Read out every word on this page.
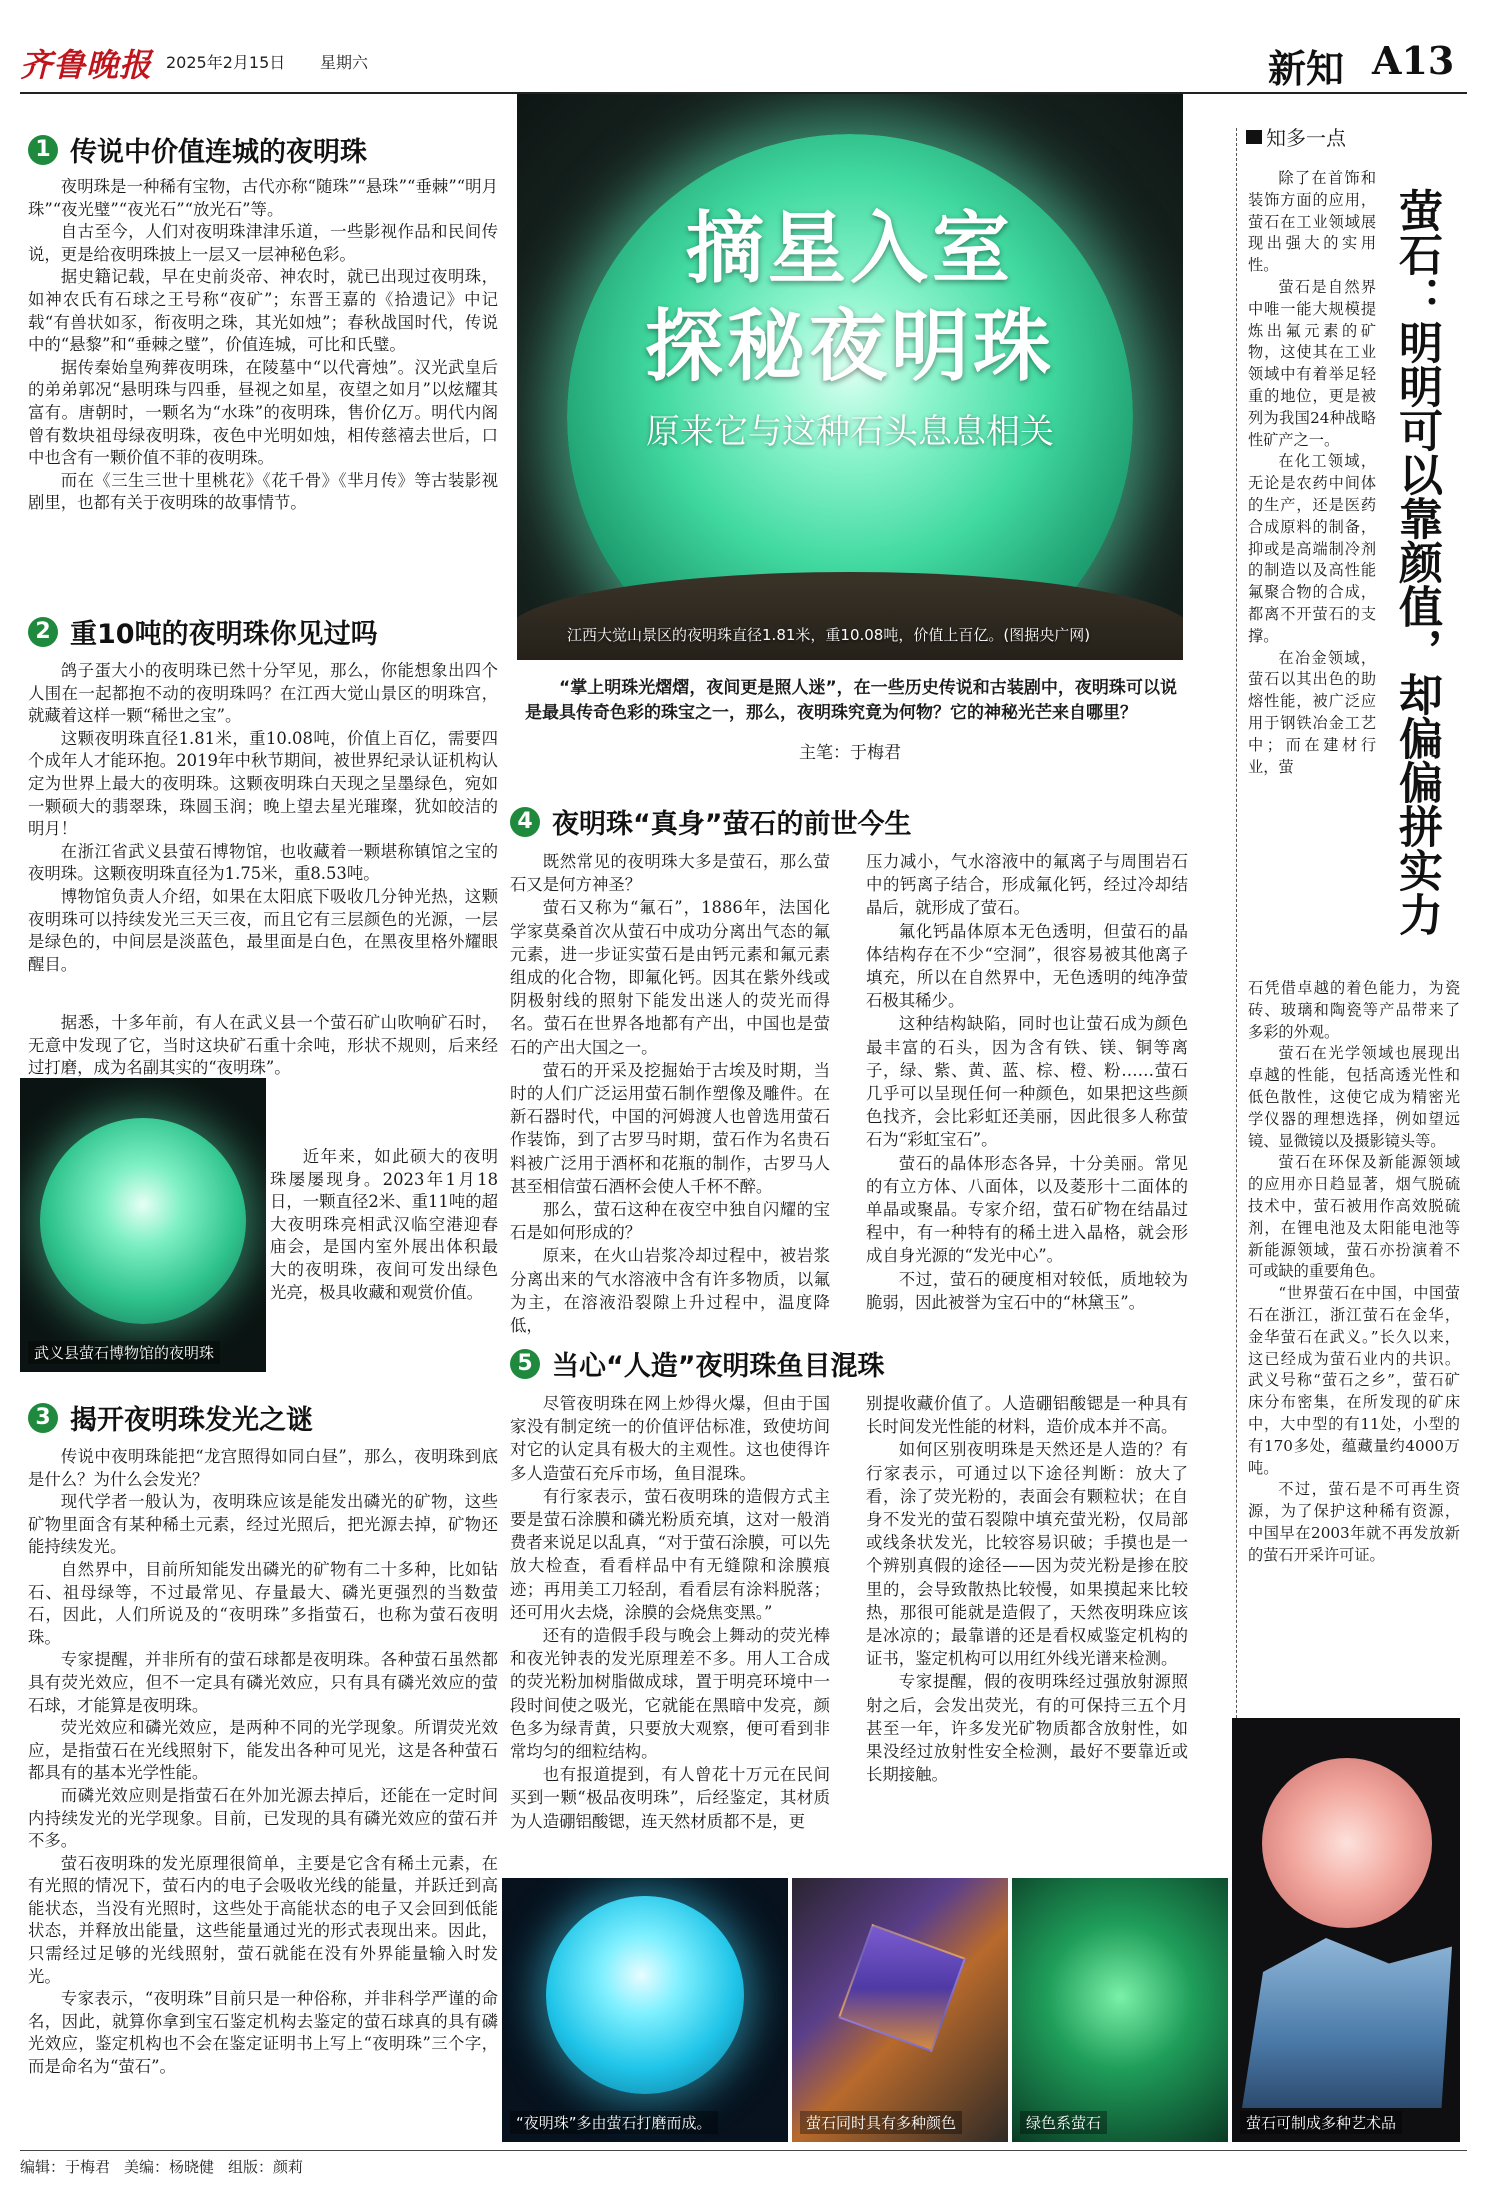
齐鲁晚报 2025年2月15日 星期六	新知 A13
摘星入室
探秘夜明珠
原来它与这种石头息息相关
江西大觉山景区的夜明珠直径1.81米，重10.08吨，价值上百亿。(图据央广网)
“掌上明珠光熠熠，夜间更是照人迷”，在一些历史传说和古装剧中，夜明珠可以说是最具传奇色彩的珠宝之一，那么，夜明珠究竟为何物？它的神秘光芒来自哪里？
主笔：于梅君
1 传说中价值连城的夜明珠

夜明珠是一种稀有宝物，古代亦称“随珠”“悬珠”“垂棘”“明月珠”“夜光璧”“夜光石”“放光石”等。

自古至今，人们对夜明珠津津乐道，一些影视作品和民间传说，更是给夜明珠披上一层又一层神秘色彩。

据史籍记载，早在史前炎帝、神农时，就已出现过夜明珠，如神农氏有石球之王号称“夜矿”；东晋王嘉的《拾遗记》中记载“有兽状如豕，衔夜明之珠，其光如烛”；春秋战国时代，传说中的“悬黎”和“垂棘之璧”，价值连城，可比和氏璧。

据传秦始皇殉葬夜明珠，在陵墓中“以代膏烛”。汉光武皇后的弟弟郭况“悬明珠与四垂，昼视之如星，夜望之如月”以炫耀其富有。唐朝时，一颗名为“水珠”的夜明珠，售价亿万。明代内阁曾有数块祖母绿夜明珠，夜色中光明如烛，相传慈禧去世后，口中也含有一颗价值不菲的夜明珠。

而在《三生三世十里桃花》《花千骨》《芈月传》等古装影视剧里，也都有关于夜明珠的故事情节。

2 重10吨的夜明珠你见过吗

鸽子蛋大小的夜明珠已然十分罕见，那么，你能想象出四个人围在一起都抱不动的夜明珠吗？在江西大觉山景区的明珠宫，就藏着这样一颗“稀世之宝”。

这颗夜明珠直径1.81米，重10.08吨，价值上百亿，需要四个成年人才能环抱。2019年中秋节期间，被世界纪录认证机构认定为世界上最大的夜明珠。这颗夜明珠白天现之呈墨绿色，宛如一颗硕大的翡翠珠，珠圆玉润；晚上望去星光璀璨，犹如皎洁的明月！

在浙江省武义县萤石博物馆，也收藏着一颗堪称镇馆之宝的夜明珠。这颗夜明珠直径为1.75米，重8.53吨。

博物馆负责人介绍，如果在太阳底下吸收几分钟光热，这颗夜明珠可以持续发光三天三夜，而且它有三层颜色的光源，一层是绿色的，中间层是淡蓝色，最里面是白色，在黑夜里格外耀眼醒目。

据悉，十多年前，有人在武义县一个萤石矿山吹响矿石时，无意中发现了它，当时这块矿石重十余吨，形状不规则，后来经过打磨，成为名副其实的“夜明珠”。
武义县萤石博物馆的夜明珠
近年来，如此硕大的夜明珠屡屡现身。2023年1月18日，一颗直径2米、重11吨的超大夜明珠亮相武汉临空港迎春庙会，是国内室外展出体积最大的夜明珠，夜间可发出绿色光亮，极具收藏和观赏价值。
3 揭开夜明珠发光之谜

传说中夜明珠能把“龙宫照得如同白昼”，那么，夜明珠到底是什么？为什么会发光？

现代学者一般认为，夜明珠应该是能发出磷光的矿物，这些矿物里面含有某种稀土元素，经过光照后，把光源去掉，矿物还能持续发光。

自然界中，目前所知能发出磷光的矿物有二十多种，比如钻石、祖母绿等，不过最常见、存量最大、磷光更强烈的当数萤石，因此，人们所说及的“夜明珠”多指萤石，也称为萤石夜明珠。

专家提醒，并非所有的萤石球都是夜明珠。各种萤石虽然都具有荧光效应，但不一定具有磷光效应，只有具有磷光效应的萤石球，才能算是夜明珠。

荧光效应和磷光效应，是两种不同的光学现象。所谓荧光效应，是指萤石在光线照射下，能发出各种可见光，这是各种萤石都具有的基本光学性能。

而磷光效应则是指萤石在外加光源去掉后，还能在一定时间内持续发光的光学现象。目前，已发现的具有磷光效应的萤石并不多。

萤石夜明珠的发光原理很简单，主要是它含有稀土元素，在有光照的情况下，萤石内的电子会吸收光线的能量，并跃迁到高能状态，当没有光照时，这些处于高能状态的电子又会回到低能状态，并释放出能量，这些能量通过光的形式表现出来。因此，只需经过足够的光线照射，萤石就能在没有外界能量输入时发光。

专家表示，“夜明珠”目前只是一种俗称，并非科学严谨的命名，因此，就算你拿到宝石鉴定机构去鉴定的萤石球真的具有磷光效应，鉴定机构也不会在鉴定证明书上写上“夜明珠”三个字，而是命名为“萤石”。

4 夜明珠“真身”萤石的前世今生

既然常见的夜明珠大多是萤石，那么萤石又是何方神圣？

萤石又称为“氟石”，1886年，法国化学家莫桑首次从萤石中成功分离出气态的氟元素，进一步证实萤石是由钙元素和氟元素组成的化合物，即氟化钙。因其在紫外线或阴极射线的照射下能发出迷人的荧光而得名。萤石在世界各地都有产出，中国也是萤石的产出大国之一。

萤石的开采及挖掘始于古埃及时期，当时的人们广泛运用萤石制作塑像及雕件。在新石器时代，中国的河姆渡人也曾选用萤石作装饰，到了古罗马时期，萤石作为名贵石料被广泛用于酒杯和花瓶的制作，古罗马人甚至相信萤石酒杯会使人千杯不醉。

那么，萤石这种在夜空中独自闪耀的宝石是如何形成的？

原来，在火山岩浆冷却过程中，被岩浆分离出来的气水溶液中含有许多物质，以氟为主，在溶液沿裂隙上升过程中，温度降低，

压力减小，气水溶液中的氟离子与周围岩石中的钙离子结合，形成氟化钙，经过冷却结晶后，就形成了萤石。

氟化钙晶体原本无色透明，但萤石的晶体结构存在不少“空洞”，很容易被其他离子填充，所以在自然界中，无色透明的纯净萤石极其稀少。

这种结构缺陷，同时也让萤石成为颜色最丰富的石头，因为含有铁、镁、铜等离子，绿、紫、黄、蓝、棕、橙、粉……萤石几乎可以呈现任何一种颜色，如果把这些颜色找齐，会比彩虹还美丽，因此很多人称萤石为“彩虹宝石”。

萤石的晶体形态各异，十分美丽。常见的有立方体、八面体，以及菱形十二面体的单晶或聚晶。专家介绍，萤石矿物在结晶过程中，有一种特有的稀土进入晶格，就会形成自身光源的“发光中心”。

不过，萤石的硬度相对较低，质地较为脆弱，因此被誉为宝石中的“林黛玉”。

5 当心“人造”夜明珠鱼目混珠

尽管夜明珠在网上炒得火爆，但由于国家没有制定统一的价值评估标准，致使坊间对它的认定具有极大的主观性。这也使得许多人造萤石充斥市场，鱼目混珠。

有行家表示，萤石夜明珠的造假方式主要是萤石涂膜和磷光粉质充填，这对一般消费者来说足以乱真，“对于萤石涂膜，可以先放大检查，看看样品中有无缝隙和涂膜痕迹；再用美工刀轻刮，看看层有涂料脱落；还可用火去烧，涂膜的会烧焦变黑。”

还有的造假手段与晚会上舞动的荧光棒和夜光钟表的发光原理差不多。用人工合成的荧光粉加树脂做成球，置于明亮环境中一段时间使之吸光，它就能在黑暗中发亮，颜色多为绿青黄，只要放大观察，便可看到非常均匀的细粒结构。

也有报道提到，有人曾花十万元在民间买到一颗“极品夜明珠”，后经鉴定，其材质为人造硼铝酸锶，连天然材质都不是，更

别提收藏价值了。人造硼铝酸锶是一种具有长时间发光性能的材料，造价成本并不高。

如何区别夜明珠是天然还是人造的？有行家表示，可通过以下途径判断：放大了看，涂了荧光粉的，表面会有颗粒状；在自身不发光的萤石裂隙中填充萤光粉，仅局部或线条状发光，比较容易识破；手摸也是一个辨别真假的途径——因为荧光粉是掺在胶里的，会导致散热比较慢，如果摸起来比较热，那很可能就是造假了，天然夜明珠应该是冰凉的；最靠谱的还是看权威鉴定机构的证书，鉴定机构可以用红外线光谱来检测。

专家提醒，假的夜明珠经过强放射源照射之后，会发出荧光，有的可保持三五个月甚至一年，许多发光矿物质都含放射性，如果没经过放射性安全检测，最好不要靠近或长期接触。

知多一点
萤石：明明可以靠颜值，却偏偏拼实力

除了在首饰和装饰方面的应用，萤石在工业领域展现出强大的实用性。

萤石是自然界中唯一能大规模提炼出氟元素的矿物，这使其在工业领域中有着举足轻重的地位，更是被列为我国24种战略性矿产之一。

在化工领域，无论是农药中间体的生产，还是医药合成原料的制备，抑或是高端制冷剂的制造以及高性能氟聚合物的合成，都离不开萤石的支撑。

在冶金领域，萤石以其出色的助熔性能，被广泛应用于钢铁冶金工艺中；而在建材行业，萤

石凭借卓越的着色能力，为瓷砖、玻璃和陶瓷等产品带来了多彩的外观。

萤石在光学领域也展现出卓越的性能，包括高透光性和低色散性，这使它成为精密光学仪器的理想选择，例如望远镜、显微镜以及摄影镜头等。

萤石在环保及新能源领域的应用亦日趋显著，烟气脱硫技术中，萤石被用作高效脱硫剂，在锂电池及太阳能电池等新能源领域，萤石亦扮演着不可或缺的重要角色。

“世界萤石在中国，中国萤石在浙江，浙江萤石在金华，金华萤石在武义。”长久以来，这已经成为萤石业内的共识。武义号称“萤石之乡”，萤石矿床分布密集，在所发现的矿床中，大中型的有11处，小型的有170多处，蕴藏量约4000万吨。

不过，萤石是不可再生资源，为了保护这种稀有资源，中国早在2003年就不再发放新的萤石开采许可证。

“夜明珠”多由萤石打磨而成。	萤石同时具有多种颜色	绿色系萤石	萤石可制成多种艺术品
编辑：于梅君 美编：杨晓健 组版：颜莉
